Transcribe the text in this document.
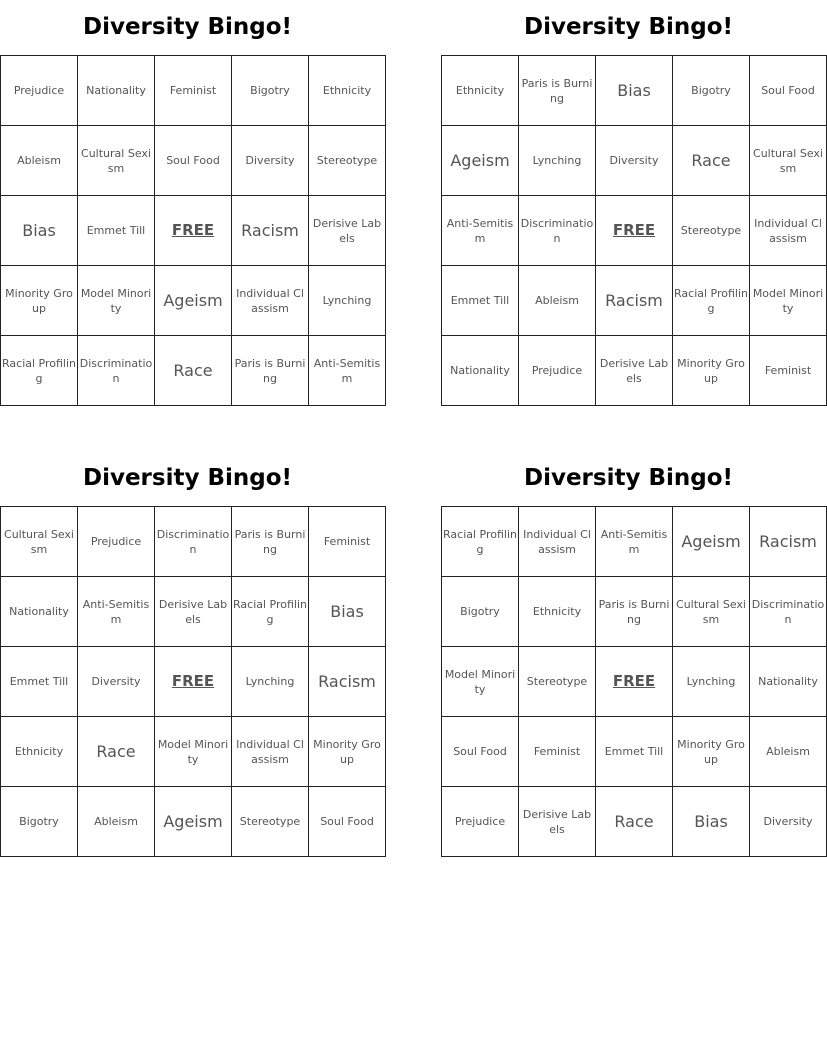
Diversity Bingo!
Prejudice	Nationality	Feminist	Bigotry	Ethnicity
Ableism	Cultural Sexism	Soul Food	Diversity	Stereotype
Bias	Emmet Till	FREE	Racism	Derisive Labels
Minority Group	Model Minority	Ageism	Individual Classism	Lynching
Racial Profiling	Discrimination	Race	Paris is Burning	Anti-Semitism
Diversity Bingo!
Ethnicity	Paris is Burning	Bias	Bigotry	Soul Food
Ageism	Lynching	Diversity	Race	Cultural Sexism
Anti-Semitism	Discrimination	FREE	Stereotype	Individual Classism
Emmet Till	Ableism	Racism	Racial Profiling	Model Minority
Nationality	Prejudice	Derisive Labels	Minority Group	Feminist
Diversity Bingo!
Cultural Sexism	Prejudice	Discrimination	Paris is Burning	Feminist
Nationality	Anti-Semitism	Derisive Labels	Racial Profiling	Bias
Emmet Till	Diversity	FREE	Lynching	Racism
Ethnicity	Race	Model Minority	Individual Classism	Minority Group
Bigotry	Ableism	Ageism	Stereotype	Soul Food
Diversity Bingo!
Racial Profiling	Individual Classism	Anti-Semitism	Ageism	Racism
Bigotry	Ethnicity	Paris is Burning	Cultural Sexism	Discrimination
Model Minority	Stereotype	FREE	Lynching	Nationality
Soul Food	Feminist	Emmet Till	Minority Group	Ableism
Prejudice	Derisive Labels	Race	Bias	Diversity
